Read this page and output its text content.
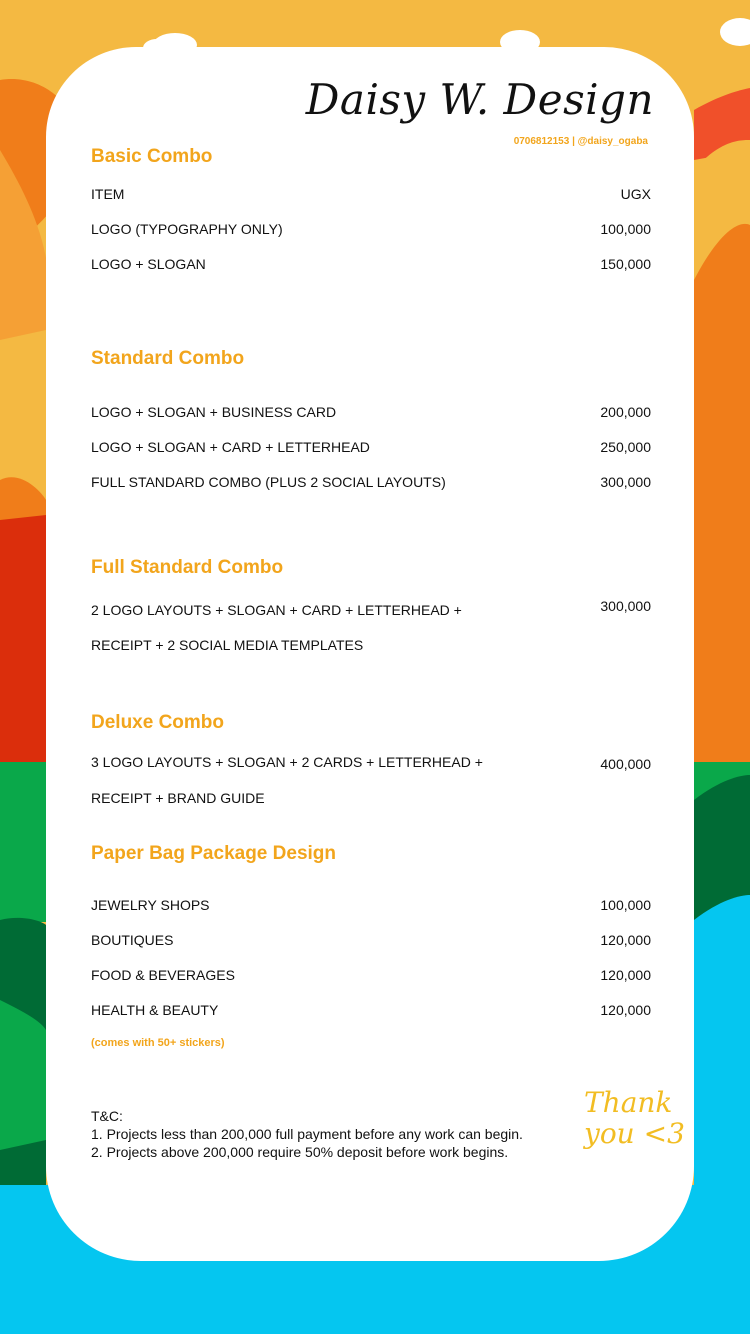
Daisy W. Design
0706812153 | @daisy_ogaba
Basic Combo
ITEM	UGX
LOGO (TYPOGRAPHY ONLY)	100,000
LOGO + SLOGAN	150,000
Standard Combo
LOGO + SLOGAN + BUSINESS CARD	200,000
LOGO + SLOGAN + CARD + LETTERHEAD	250,000
FULL STANDARD COMBO (PLUS 2 SOCIAL LAYOUTS)	300,000
Full Standard Combo
2 LOGO LAYOUTS + SLOGAN + CARD + LETTERHEAD +	300,000
RECEIPT + 2 SOCIAL MEDIA TEMPLATES
Deluxe Combo
3 LOGO LAYOUTS + SLOGAN + 2 CARDS + LETTERHEAD +	400,000
RECEIPT + BRAND GUIDE
Paper Bag Package Design
JEWELRY SHOPS	100,000
BOUTIQUES	120,000
FOOD & BEVERAGES	120,000
HEALTH & BEAUTY	120,000
(comes with 50+ stickers)
T&C:
1. Projects less than 200,000 full payment before any work can begin.
2. Projects above 200,000 require 50% deposit before work begins.
Thank
you <3
